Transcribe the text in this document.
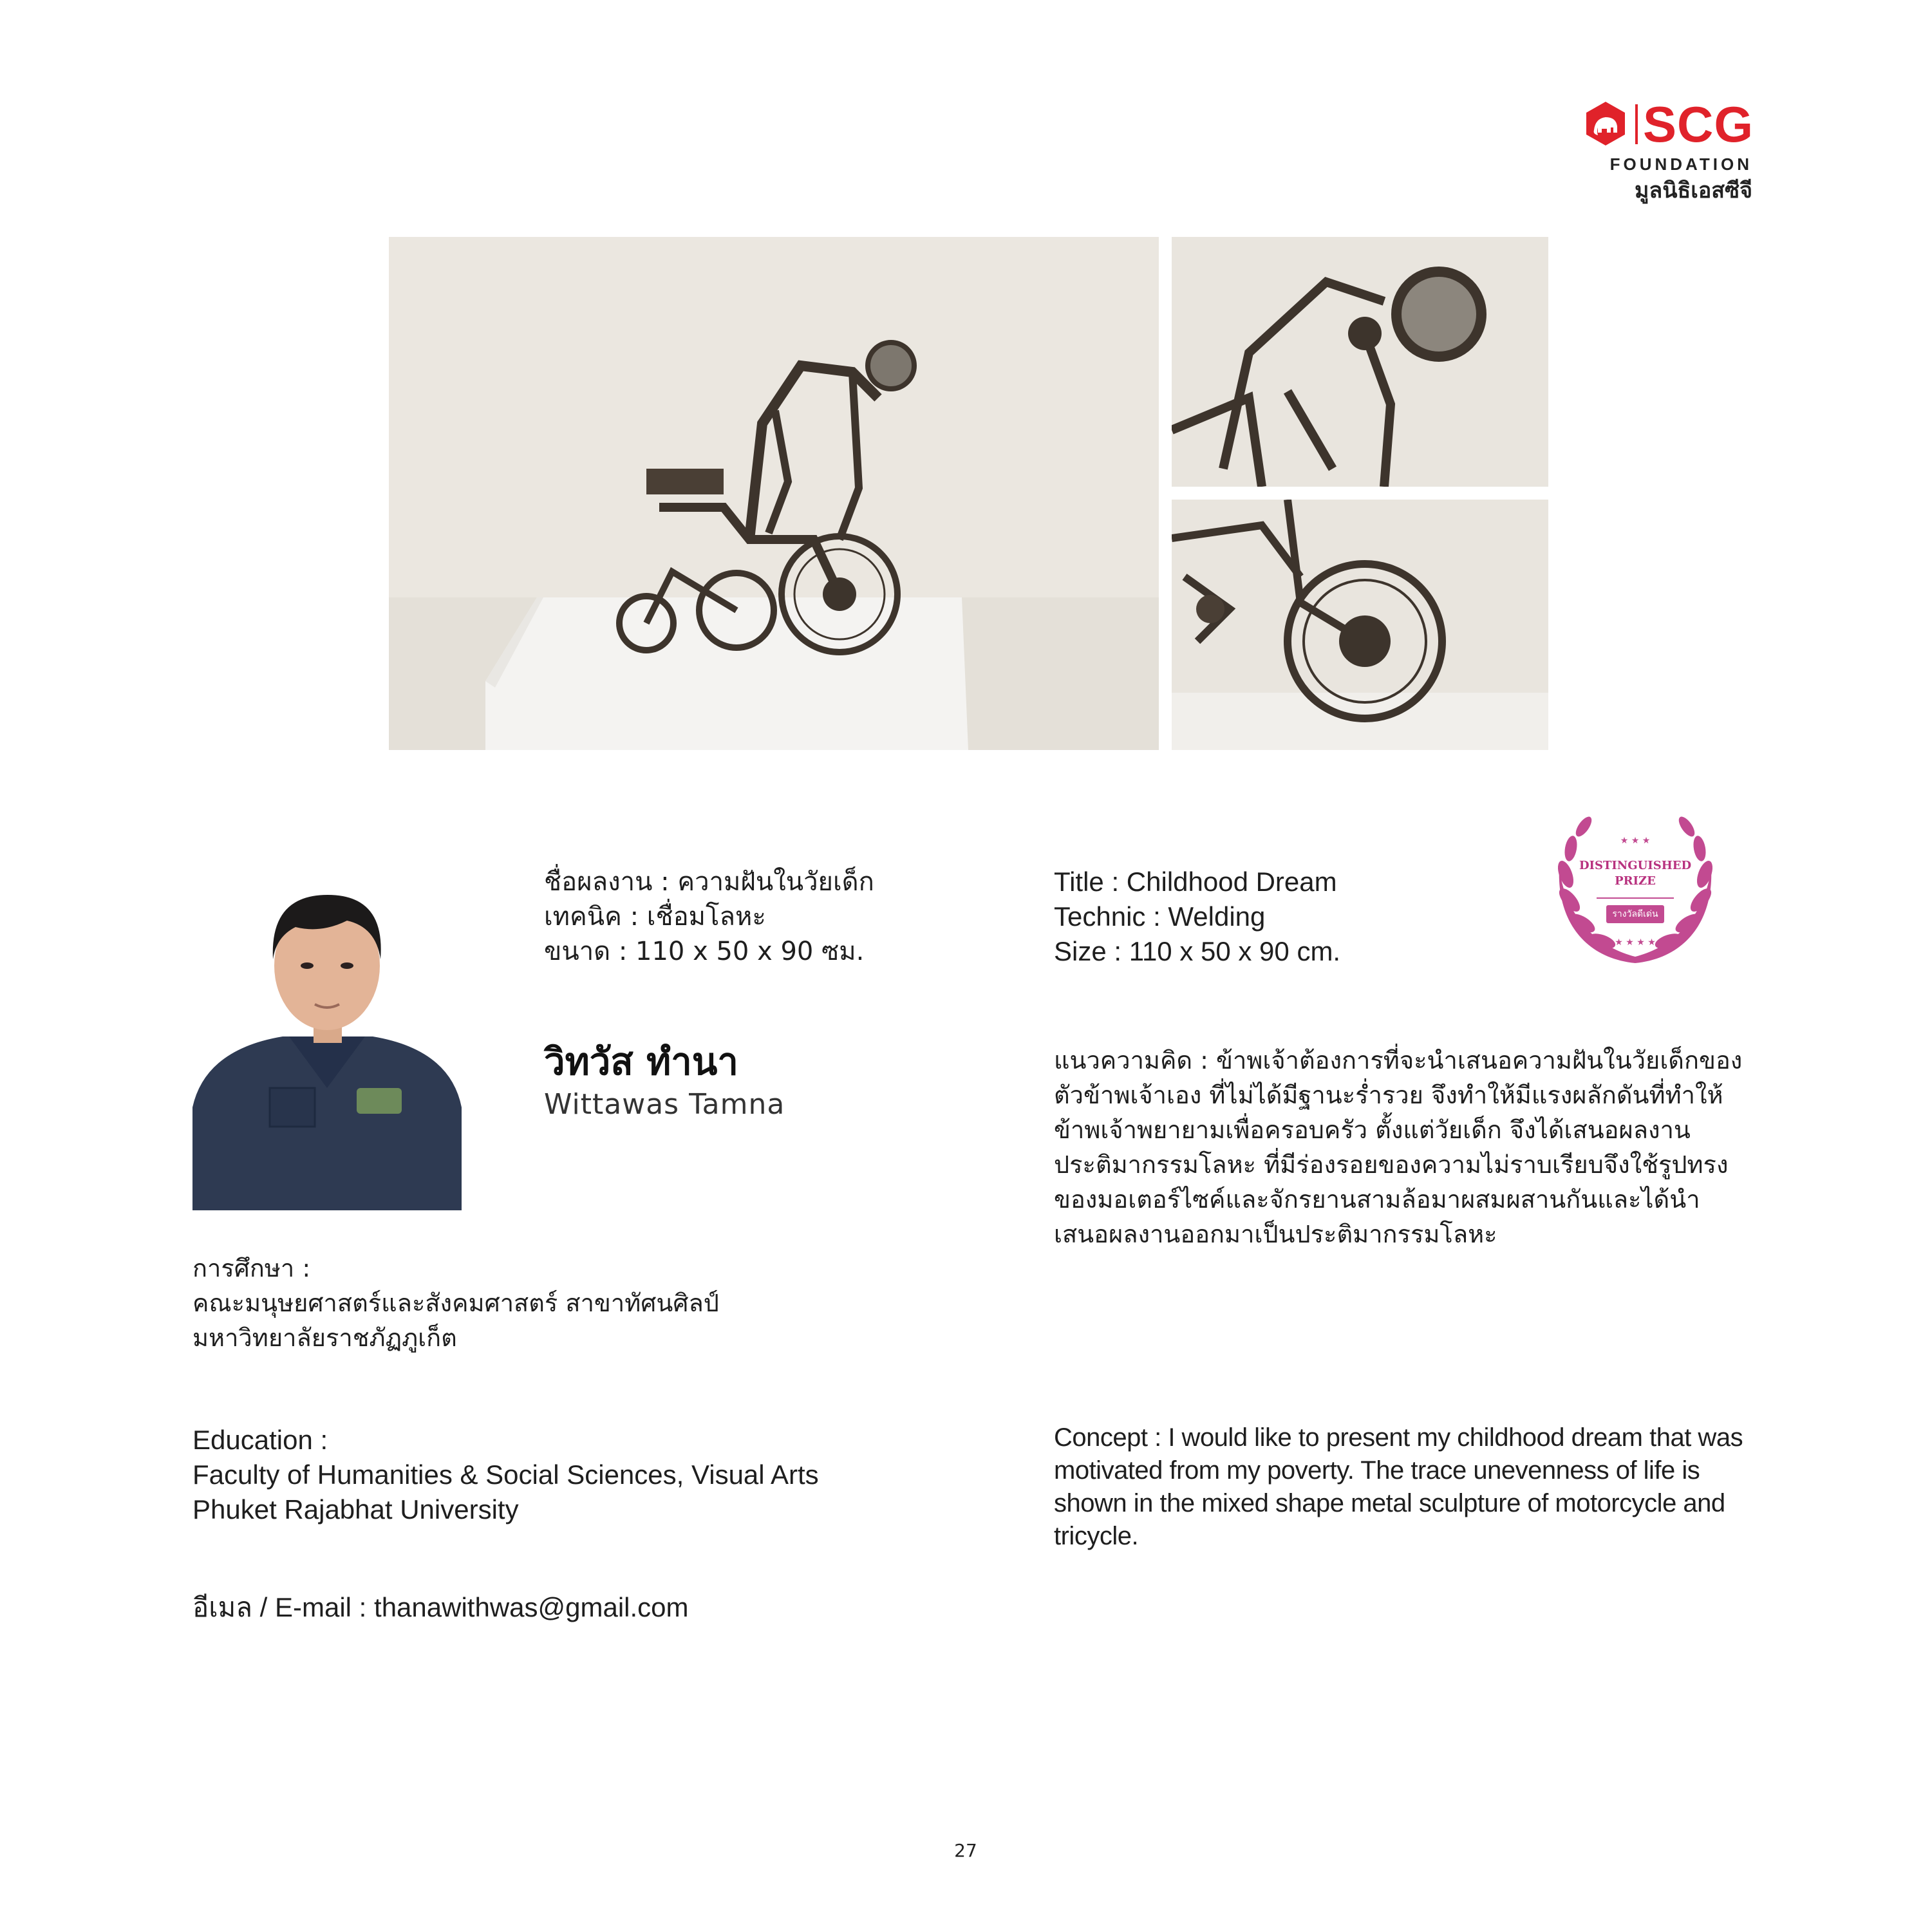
SCG
FOUNDATION
มูลนิธิเอสซีจี
ชื่อผลงาน : ความฝันในวัยเด็ก
เทคนิค : เชื่อมโลหะ
ขนาด : 110 x 50 x 90 ซม.
Title : Childhood Dream
Technic : Welding
Size : 110 x 50 x 90 cm.
★ ★ ★
★ ★ ★ ★
DISTINGUISHED
PRIZE
รางวัลดีเด่น
วิทวัส ทำนา
Wittawas Tamna
แนวความคิด : ข้าพเจ้าต้องการที่จะนำเสนอความฝันในวัยเด็กของตัวข้าพเจ้าเอง ที่ไม่ได้มีฐานะร่ำรวย จึงทำให้มีแรงผลักดันที่ทำให้ข้าพเจ้าพยายามเพื่อครอบครัว ตั้งแต่วัยเด็ก จึงได้เสนอผลงานประติมากรรมโลหะ ที่มีร่องรอยของความไม่ราบเรียบจึงใช้รูปทรงของมอเตอร์ไซค์และจักรยานสามล้อมาผสมผสานกันและได้นำเสนอผลงานออกมาเป็นประติมากรรมโลหะ
การศึกษา :
คณะมนุษยศาสตร์และสังคมศาสตร์ สาขาทัศนศิลป์
มหาวิทยาลัยราชภัฏภูเก็ต
Education :
Faculty of Humanities & Social Sciences, Visual Arts
Phuket Rajabhat University
Concept : I would like to present my childhood dream that was motivated from my poverty. The trace unevenness of life is shown in the mixed shape metal sculpture of motorcycle and tricycle.
อีเมล / E-mail : thanawithwas@gmail.com
27
